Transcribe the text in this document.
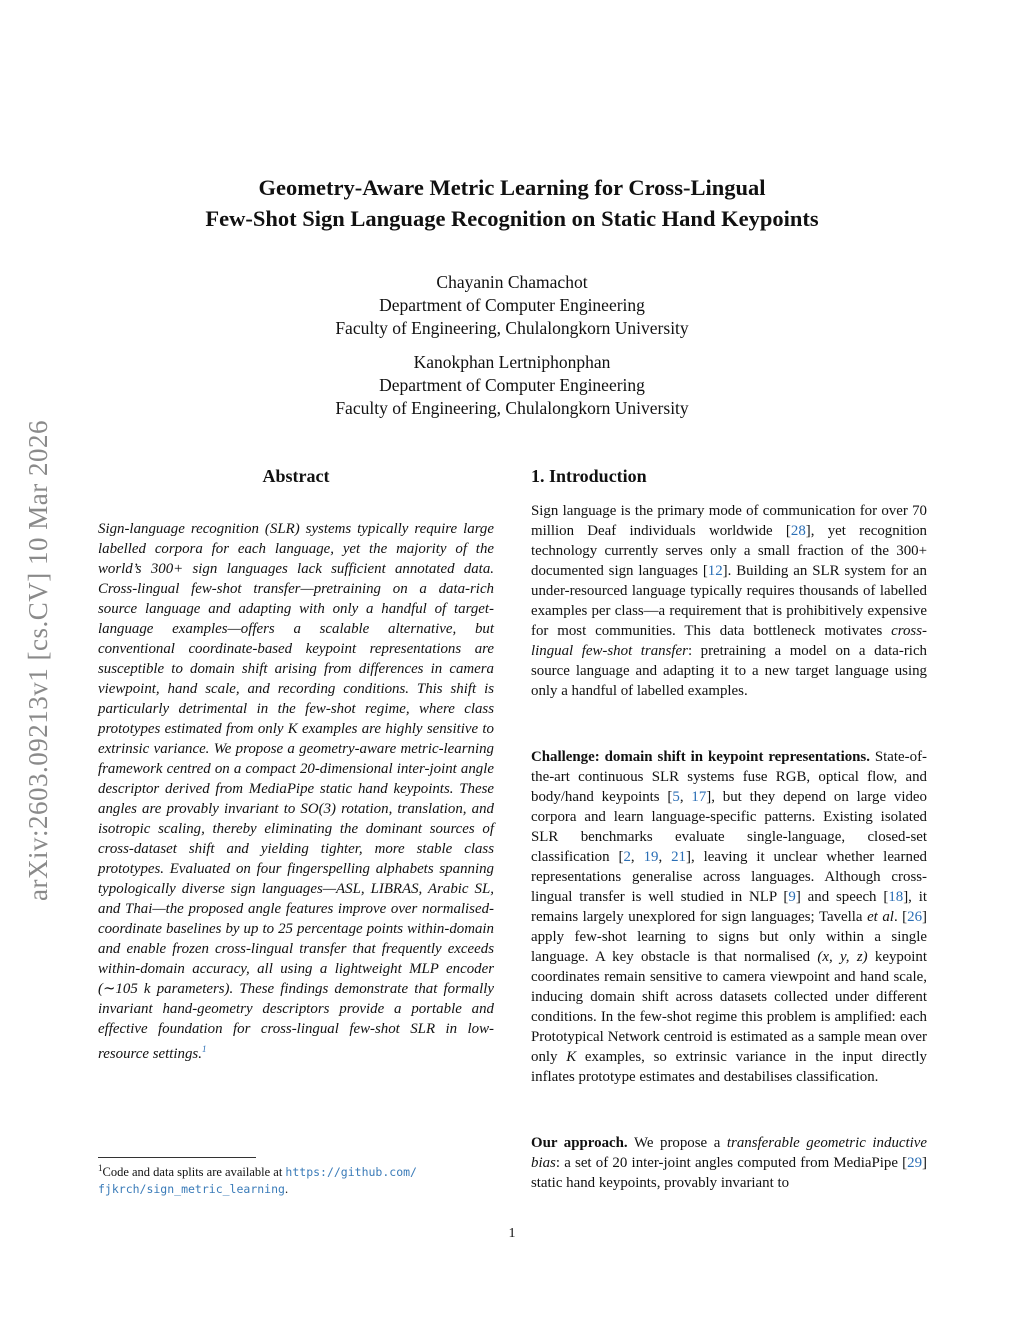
arXiv:2603.09213v1 [cs.CV] 10 Mar 2026
Geometry-Aware Metric Learning for Cross-Lingual
Few-Shot Sign Language Recognition on Static Hand Keypoints
Chayanin Chamachot
Department of Computer Engineering
Faculty of Engineering, Chulalongkorn University
Kanokphan Lertniphonphan
Department of Computer Engineering
Faculty of Engineering, Chulalongkorn University
Abstract
Sign-language recognition (SLR) systems typically require large labelled corpora for each language, yet the majority of the world’s 300+ sign languages lack sufficient annotated data. Cross-lingual few-shot transfer—pretraining on a data-rich source language and adapting with only a handful of target-language examples—offers a scalable alternative, but conventional coordinate-based keypoint representations are susceptible to domain shift arising from differences in camera viewpoint, hand scale, and recording conditions. This shift is particularly detrimental in the few-shot regime, where class prototypes estimated from only K examples are highly sensitive to extrinsic variance. We propose a geometry-aware metric-learning framework centred on a compact 20-dimensional inter-joint angle descriptor derived from MediaPipe static hand keypoints. These angles are provably invariant to SO(3) rotation, translation, and isotropic scaling, thereby eliminating the dominant sources of cross-dataset shift and yielding tighter, more stable class prototypes. Evaluated on four fingerspelling alphabets spanning typologically diverse sign languages—ASL, LIBRAS, Arabic SL, and Thai—the proposed angle features improve over normalised-coordinate baselines by up to 25 percentage points within-domain and enable frozen cross-lingual transfer that frequently exceeds within-domain accuracy, all using a lightweight MLP encoder (∼105 k parameters). These findings demonstrate that formally invariant hand-geometry descriptors provide a portable and effective foundation for cross-lingual few-shot SLR in low-resource settings.$^1$
1. Introduction
Sign language is the primary mode of communication for over 70 million Deaf individuals worldwide [28], yet recognition technology currently serves only a small fraction of the 300+ documented sign languages [12]. Building an SLR system for an under-resourced language typically requires thousands of labelled examples per class—a requirement that is prohibitively expensive for most communities. This data bottleneck motivates cross-lingual few-shot transfer: pretraining a model on a data-rich source language and adapting it to a new target language using only a handful of labelled examples.
Challenge: domain shift in keypoint representations. State-of-the-art continuous SLR systems fuse RGB, optical flow, and body/hand keypoints [5, 17], but they depend on large video corpora and learn language-specific patterns. Existing isolated SLR benchmarks evaluate single-language, closed-set classification [2, 19, 21], leaving it unclear whether learned representations generalise across languages. Although cross-lingual transfer is well studied in NLP [9] and speech [18], it remains largely unexplored for sign languages; Tavella et al. [26] apply few-shot learning to signs but only within a single language. A key obstacle is that normalised (x, y, z) keypoint coordinates remain sensitive to camera viewpoint and hand scale, inducing domain shift across datasets collected under different conditions. In the few-shot regime this problem is amplified: each Prototypical Network centroid is estimated as a sample mean over only K examples, so extrinsic variance in the input directly inflates prototype estimates and destabilises classification.
Our approach. We propose a transferable geometric inductive bias: a set of 20 inter-joint angles computed from MediaPipe [29] static hand keypoints, provably invariant to
$^1$Code and data splits are available at https://github.com/
fjkrch/sign_metric_learning.
1
